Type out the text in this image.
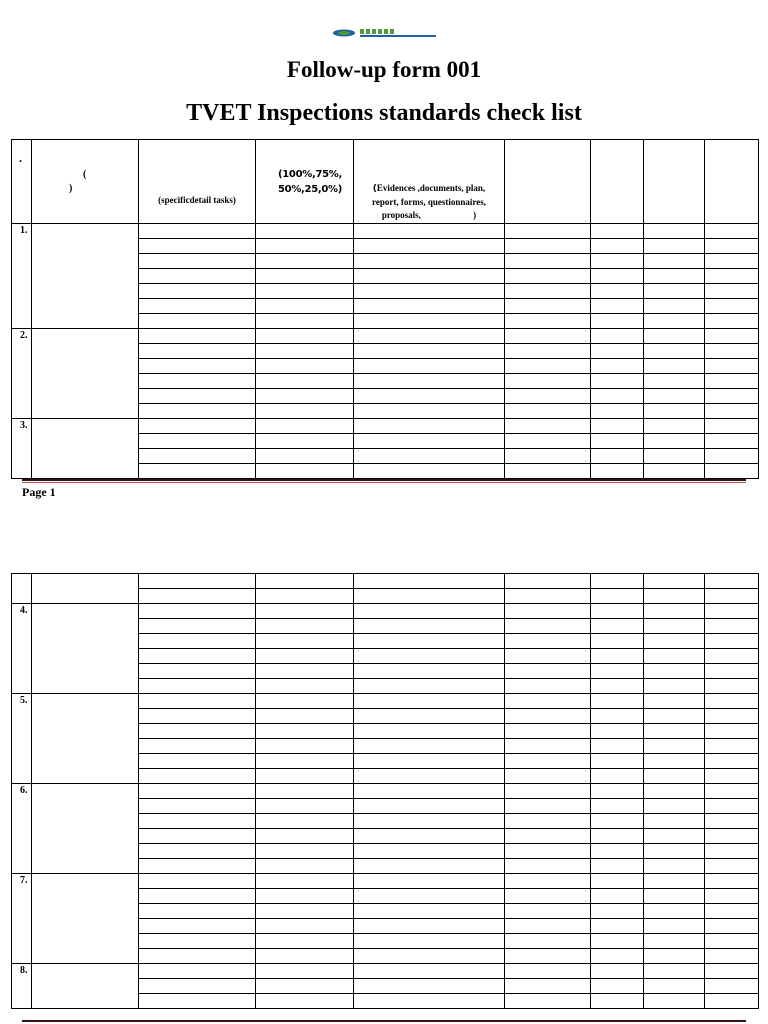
Follow-up form 001
TVET Inspections standards check list
.	(
)	(specificdetail tasks)	(100%,75%,
50%,25,0%)	(Evidences ,documents, plan,
report, forms, questionnaires,
proposals, )				

1.								

2.								

3.								

Page 1

4.								

5.								

6.								

7.								

8.								
